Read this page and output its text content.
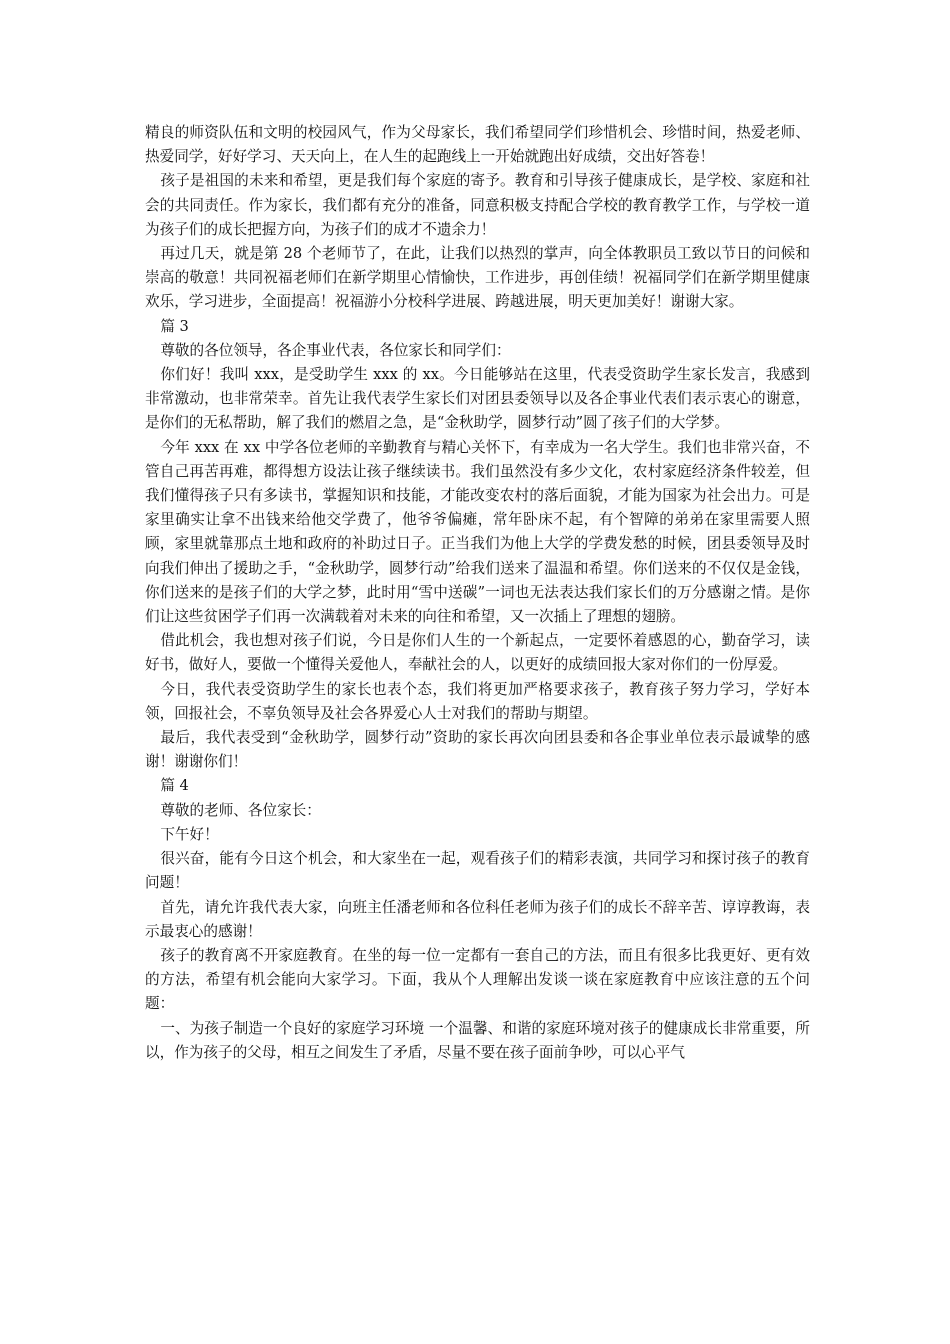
精良的师资队伍和文明的校园风气，作为父母家长，我们希望同学们珍惜机会、珍惜时间，热爱老师、热爱同学，好好学习、天天向上，在人生的起跑线上一开始就跑出好成绩，交出好答卷！

孩子是祖国的未来和希望，更是我们每个家庭的寄予。教育和引导孩子健康成长，是学校、家庭和社会的共同责任。作为家长，我们都有充分的准备，同意积极支持配合学校的教育教学工作，与学校一道为孩子们的成长把握方向，为孩子们的成才不遗余力！

再过几天，就是第 28 个老师节了，在此，让我们以热烈的掌声，向全体教职员工致以节日的问候和崇高的敬意！共同祝福老师们在新学期里心情愉快，工作进步，再创佳绩！祝福同学们在新学期里健康欢乐，学习进步，全面提高！祝福游小分校科学进展、跨越进展，明天更加美好！谢谢大家。

篇 3

尊敬的各位领导，各企事业代表，各位家长和同学们：

你们好！我叫 xxx，是受助学生 xxx 的 xx。今日能够站在这里，代表受资助学生家长发言，我感到非常激动，也非常荣幸。首先让我代表学生家长们对团县委领导以及各企事业代表们表示衷心的谢意，是你们的无私帮助，解了我们的燃眉之急，是“金秋助学，圆梦行动”圆了孩子们的大学梦。

今年 xxx 在 xx 中学各位老师的辛勤教育与精心关怀下，有幸成为一名大学生。我们也非常兴奋，不管自己再苦再难，都得想方设法让孩子继续读书。我们虽然没有多少文化，农村家庭经济条件较差，但我们懂得孩子只有多读书，掌握知识和技能，才能改变农村的落后面貌，才能为国家为社会出力。可是家里确实让拿不出钱来给他交学费了，他爷爷偏瘫，常年卧床不起，有个智障的弟弟在家里需要人照顾，家里就靠那点土地和政府的补助过日子。正当我们为他上大学的学费发愁的时候，团县委领导及时向我们伸出了援助之手，“金秋助学，圆梦行动”给我们送来了温温和希望。你们送来的不仅仅是金钱，你们送来的是孩子们的大学之梦，此时用“雪中送碳”一词也无法表达我们家长们的万分感谢之情。是你们让这些贫困学子们再一次满载着对未来的向往和希望，又一次插上了理想的翅膀。

借此机会，我也想对孩子们说，今日是你们人生的一个新起点，一定要怀着感恩的心，勤奋学习，读好书，做好人，要做一个懂得关爱他人，奉献社会的人，以更好的成绩回报大家对你们的一份厚爱。

今日，我代表受资助学生的家长也表个态，我们将更加严格要求孩子，教育孩子努力学习，学好本领，回报社会，不辜负领导及社会各界爱心人士对我们的帮助与期望。

最后，我代表受到“金秋助学，圆梦行动”资助的家长再次向团县委和各企事业单位表示最诚挚的感谢！谢谢你们！

篇 4

尊敬的老师、各位家长：

下午好！

很兴奋，能有今日这个机会，和大家坐在一起，观看孩子们的精彩表演，共同学习和探讨孩子的教育问题！

首先，请允许我代表大家，向班主任潘老师和各位科任老师为孩子们的成长不辞辛苦、谆谆教诲，表示最衷心的感谢！

孩子的教育离不开家庭教育。在坐的每一位一定都有一套自己的方法，而且有很多比我更好、更有效的方法，希望有机会能向大家学习。下面，我从个人理解出发谈一谈在家庭教育中应该注意的五个问题：

一、为孩子制造一个良好的家庭学习环境 一个温馨、和谐的家庭环境对孩子的健康成长非常重要，所以，作为孩子的父母，相互之间发生了矛盾，尽量不要在孩子面前争吵，可以心平气
